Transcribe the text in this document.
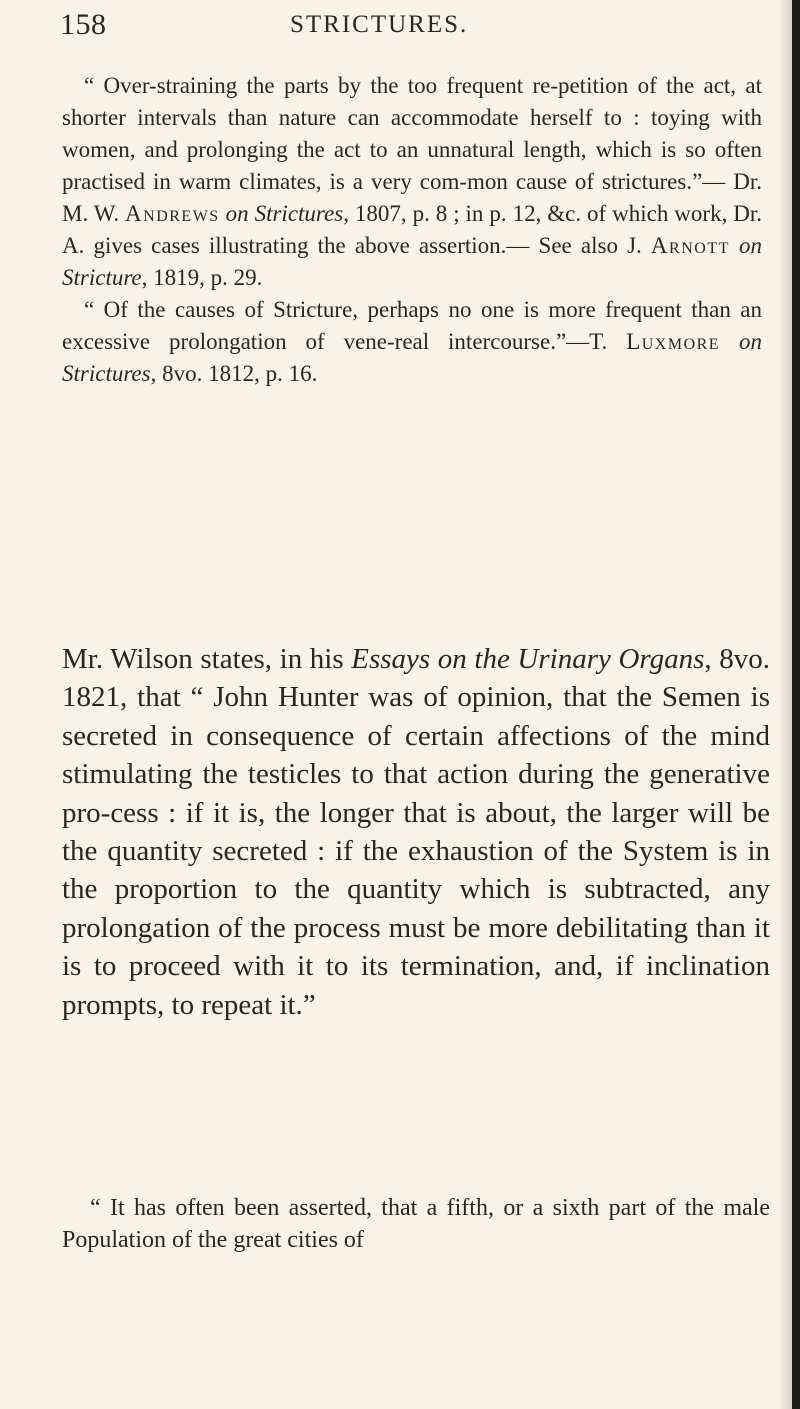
158	STRICTURES.

“ Over-straining the parts by the too frequent re-petition of the act, at shorter intervals than nature can accommodate herself to : toying with women, and prolonging the act to an unnatural length, which is so often practised in warm climates, is a very com-mon cause of strictures.”— Dr. M. W. Andrews on Strictures, 1807, p. 8 ; in p. 12, &c. of which work, Dr. A. gives cases illustrating the above assertion.— See also J. Arnott on Stricture, 1819, p. 29.

“ Of the causes of Stricture, perhaps no one is more frequent than an excessive prolongation of vene-real intercourse.”—T. Luxmore on Strictures, 8vo. 1812, p. 16.

Mr. Wilson states, in his Essays on the Urinary Organs, 8vo. 1821, that “ John Hunter was of opinion, that the Semen is secreted in consequence of certain affections of the mind stimulating the testicles to that action during the generative pro-cess : if it is, the longer that is about, the larger will be the quantity secreted : if the exhaustion of the System is in the proportion to the quantity which is subtracted, any prolongation of the process must be more debilitating than it is to proceed with it to its termination, and, if inclination prompts, to repeat it.”

“ It has often been asserted, that a fifth, or a sixth part of the male Population of the great cities of
